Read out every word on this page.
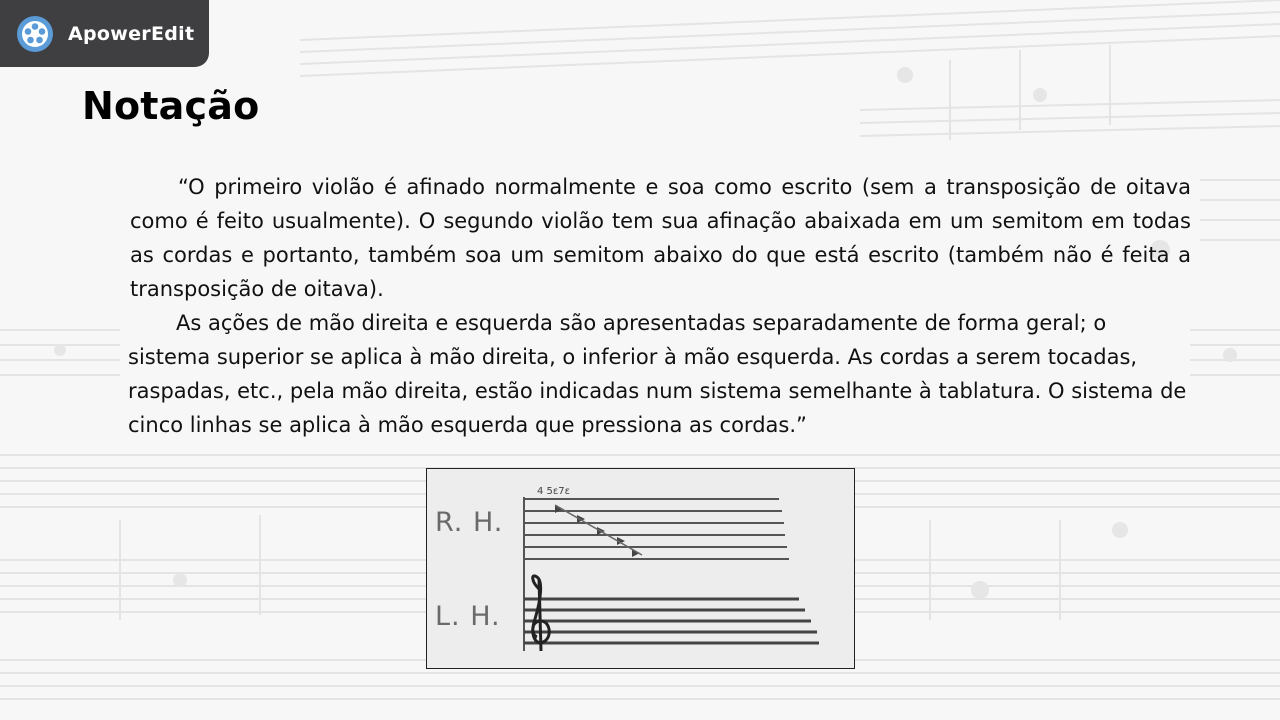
ApowerEdit
Notação

“O primeiro violão é afinado normalmente e soa como escrito (sem a transposição de oitava como é feito usualmente). O segundo violão tem sua afinação abaixada em um semitom em todas as cordas e portanto, também soa um semitom abaixo do que está escrito (também não é feita a transposição de oitava).

As ações de mão direita e esquerda são apresentadas separadamente de forma geral; o sistema superior se aplica à mão direita, o inferior à mão esquerda. As cordas a serem tocadas, raspadas, etc., pela mão direita, estão indicadas num sistema semelhante à tablatura. O sistema de cinco linhas se aplica à mão esquerda que pressiona as cordas.”

R. H.
L. H.
4 5ε7ε
